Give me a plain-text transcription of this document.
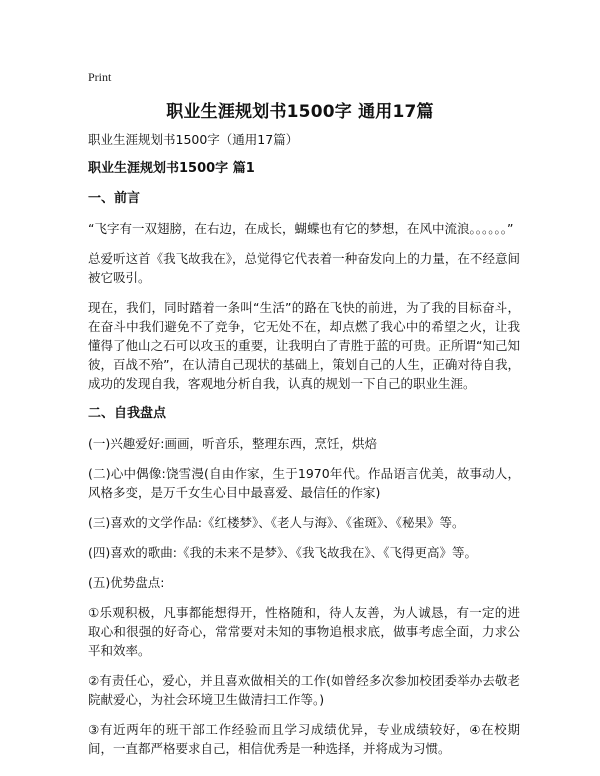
Print
职业生涯规划书1500字 通用17篇
职业生涯规划书1500字（通用17篇）
职业生涯规划书1500字 篇1
一、前言
“飞字有一双翅膀，在右边，在成长，蝴蝶也有它的梦想，在风中流浪。。。。。。”
总爱听这首《我飞故我在》，总觉得它代表着一种奋发向上的力量，在不经意间被它吸引。
现在，我们，同时踏着一条叫“生活”的路在飞快的前进，为了我的目标奋斗，在奋斗中我们避免不了竞争，它无处不在，却点燃了我心中的希望之火，让我懂得了他山之石可以攻玉的重要，让我明白了青胜于蓝的可贵。正所谓“知己知彼，百战不殆”，在认清自己现状的基础上，策划自己的人生，正确对待自我，成功的发现自我，客观地分析自我，认真的规划一下自己的职业生涯。
二、自我盘点
(一)兴趣爱好:画画，听音乐，整理东西，烹饪，烘焙
(二)心中偶像:饶雪漫(自由作家，生于1970年代。作品语言优美，故事动人，风格多变，是万千女生心目中最喜爱、最信任的作家)
(三)喜欢的文学作品:《红楼梦》、《老人与海》、《雀斑》、《秘果》等。
(四)喜欢的歌曲:《我的未来不是梦》、《我飞故我在》、《飞得更高》等。
(五)优势盘点:
①乐观积极，凡事都能想得开，性格随和，待人友善，为人诚恳，有一定的进取心和很强的好奇心，常常要对未知的事物追根求底，做事考虑全面，力求公平和效率。
②有责任心，爱心，并且喜欢做相关的工作(如曾经多次参加校团委举办去敬老院献爱心，为社会环境卫生做清扫工作等。)
③有近两年的班干部工作经验而且学习成绩优异，专业成绩较好，④在校期间，一直都严格要求自己，相信优秀是一种选择，并将成为习惯。
